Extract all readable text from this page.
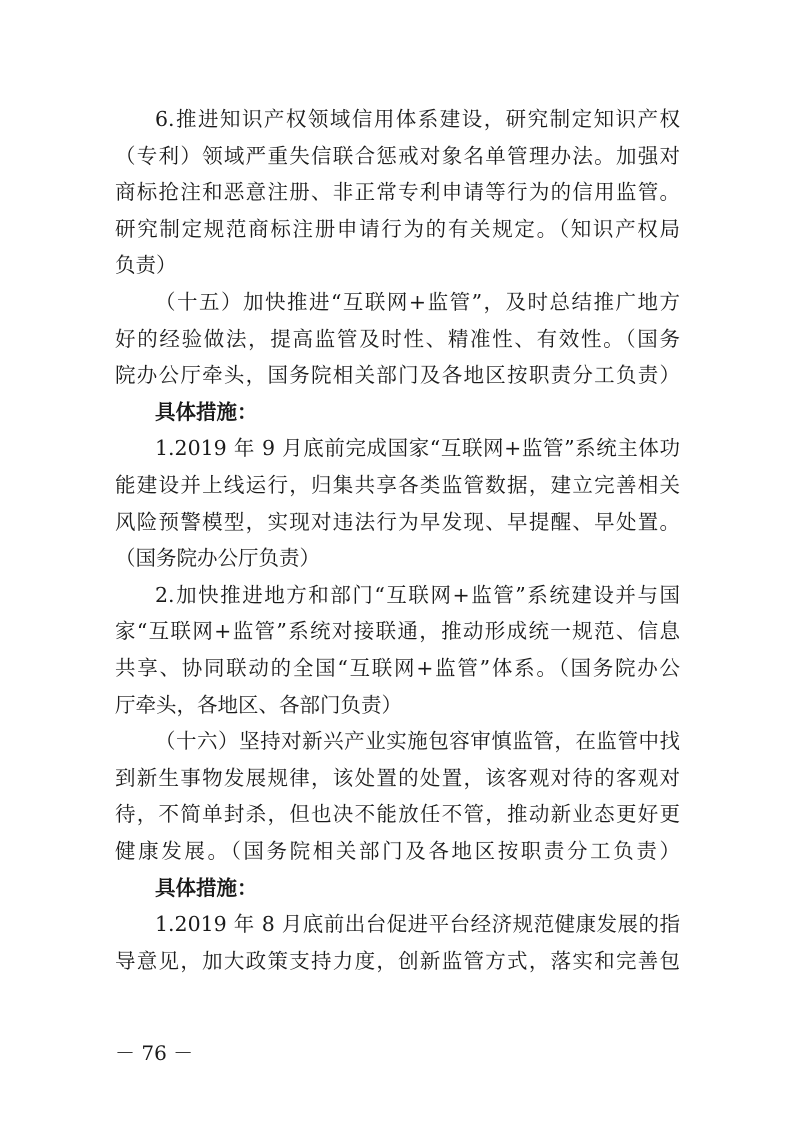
6.推进知识产权领域信用体系建设，研究制定知识产权
（专利）领域严重失信联合惩戒对象名单管理办法。加强对
商标抢注和恶意注册、非正常专利申请等行为的信用监管。
研究制定规范商标注册申请行为的有关规定。（知识产权局
负责）
（十五）加快推进“互联网+监管”，及时总结推广地方
好的经验做法，提高监管及时性、精准性、有效性。（国务
院办公厅牵头，国务院相关部门及各地区按职责分工负责）
具体措施：
1.2019 年 9 月底前完成国家“互联网+监管”系统主体功
能建设并上线运行，归集共享各类监管数据，建立完善相关
风险预警模型，实现对违法行为早发现、早提醒、早处置。
（国务院办公厅负责）
2.加快推进地方和部门“互联网+监管”系统建设并与国
家“互联网+监管”系统对接联通，推动形成统一规范、信息
共享、协同联动的全国“互联网+监管”体系。（国务院办公
厅牵头，各地区、各部门负责）
（十六）坚持对新兴产业实施包容审慎监管，在监管中找
到新生事物发展规律，该处置的处置，该客观对待的客观对
待，不简单封杀，但也决不能放任不管，推动新业态更好更
健康发展。（国务院相关部门及各地区按职责分工负责）
具体措施：
1.2019 年 8 月底前出台促进平台经济规范健康发展的指
导意见，加大政策支持力度，创新监管方式，落实和完善包
－ 76 －
